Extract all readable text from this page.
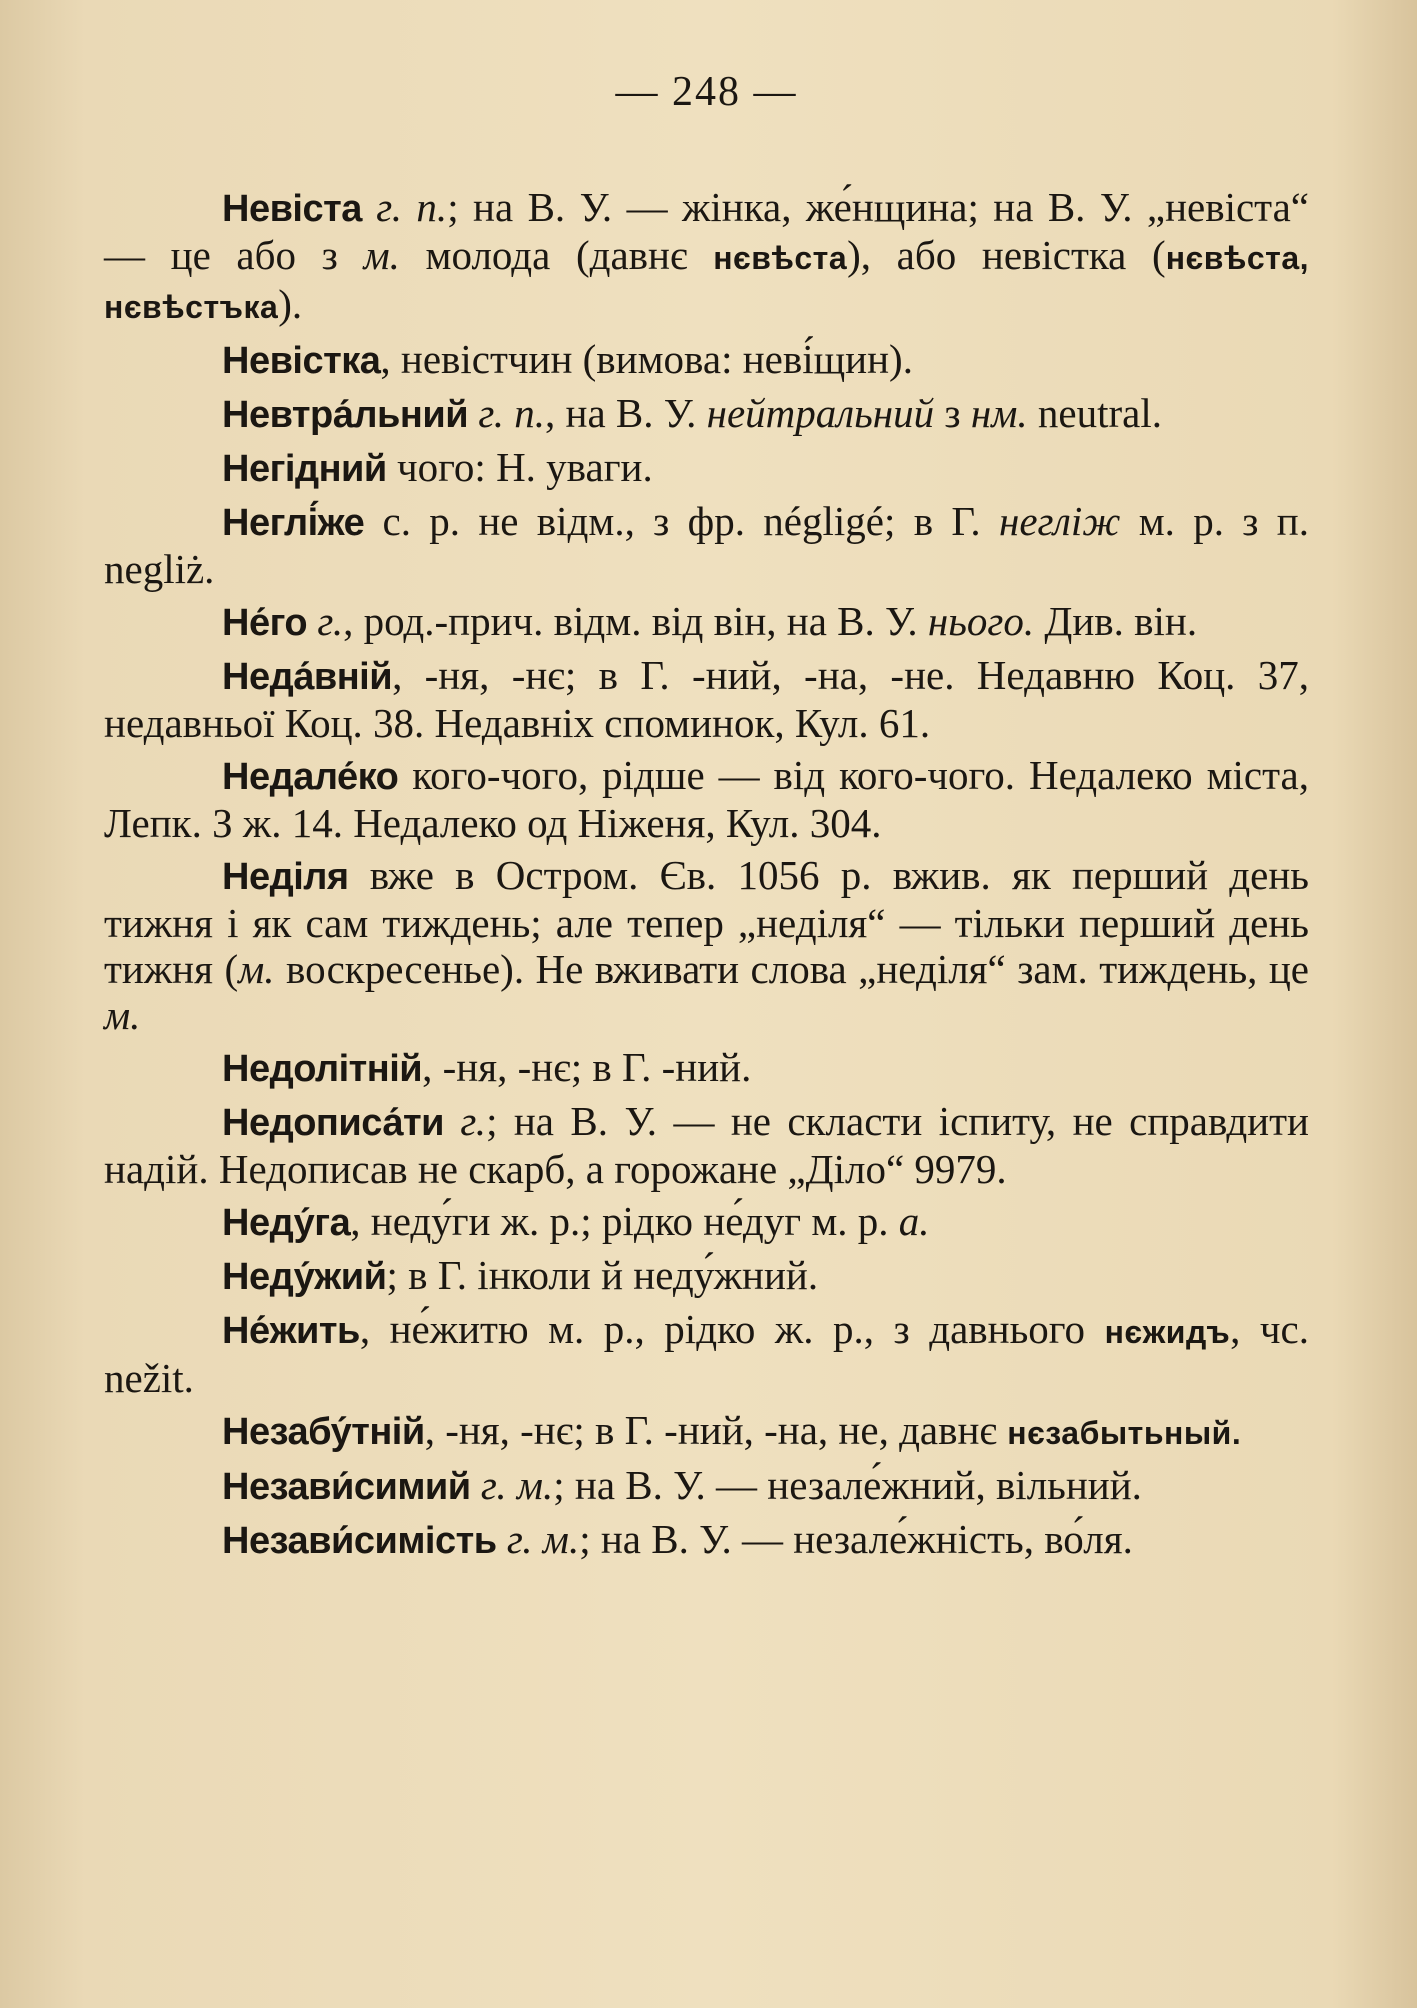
— 248 —

Невіста г. п.; на В. У. — жінка, же́нщина; на В. У. „невіста“ — це або з м. молода (давнє нєвѣста), або невістка (нєвѣста, нєвѣстъка).

Невістка, невістчин (вимова: неві́щин).

Невтра́льний г. п., на В. У. нейтральний з нм. neutral.

Негідний чого: Н. уваги.

Неглі́же с. р. не відм., з фр. négligé; в Г. негліж м. р. з п. negliż.

Не́го г., род.-прич. відм. від він, на В. У. нього. Див. він.

Неда́вній, -ня, -нє; в Г. -ний, -на, -не. Недавню Коц. 37, недавньої Коц. 38. Недавніх споминок, Кул. 61.

Недале́ко кого-чого, рідше — від кого-чого. Недалеко міста, Лепк. З ж. 14. Недалеко од Ніженя, Кул. 304.

Неділя вже в Остром. Єв. 1056 р. вжив. як перший день тижня і як сам тиждень; але тепер „неділя“ — тільки перший день тижня (м. воскресенье). Не вживати слова „неділя“ зам. тиждень, це м.

Недолітній, -ня, -нє; в Г. -ний.

Недописа́ти г.; на В. У. — не скласти іспиту, не справдити надій. Недописав не скарб, а горожане „Діло“ 9979.

Неду́га, неду́ги ж. р.; рідко не́дуг м. р. а.

Неду́жий; в Г. інколи й неду́жний.

Не́жить, не́житю м. р., рідко ж. р., з давнього нєжидъ, чс. nežit.

Незабу́тній, -ня, -нє; в Г. -ний, -на, не, давнє нєзабытьный.

Незави́симий г. м.; на В. У. — незале́жний, вільний.

Незави́симість г. м.; на В. У. — незале́жність, во́ля.
